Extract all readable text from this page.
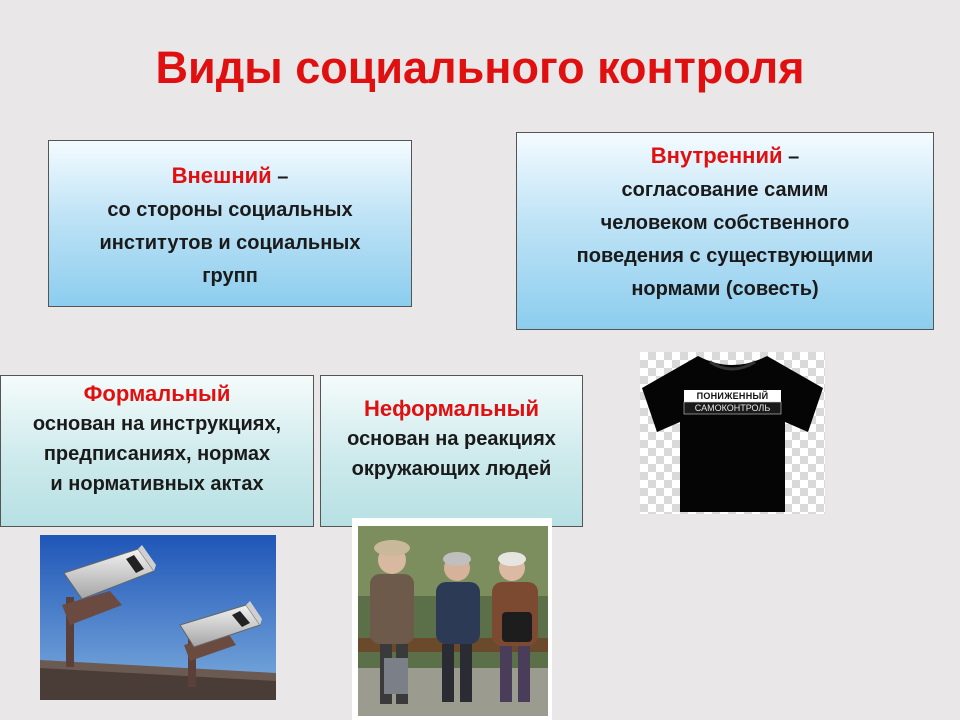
Виды социального контроля
Внешний –
со стороны социальных
институтов и социальных
групп
Внутренний –
согласование самим
человеком собственного
поведения с существующими
нормами (совесть)
Формальный
основан на инструкциях,
предписаниях, нормах
и нормативных актах
Неформальный
основан на реакциях
окружающих людей
ПОНИЖЕННЫЙ
САМОКОНТРОЛЬ
